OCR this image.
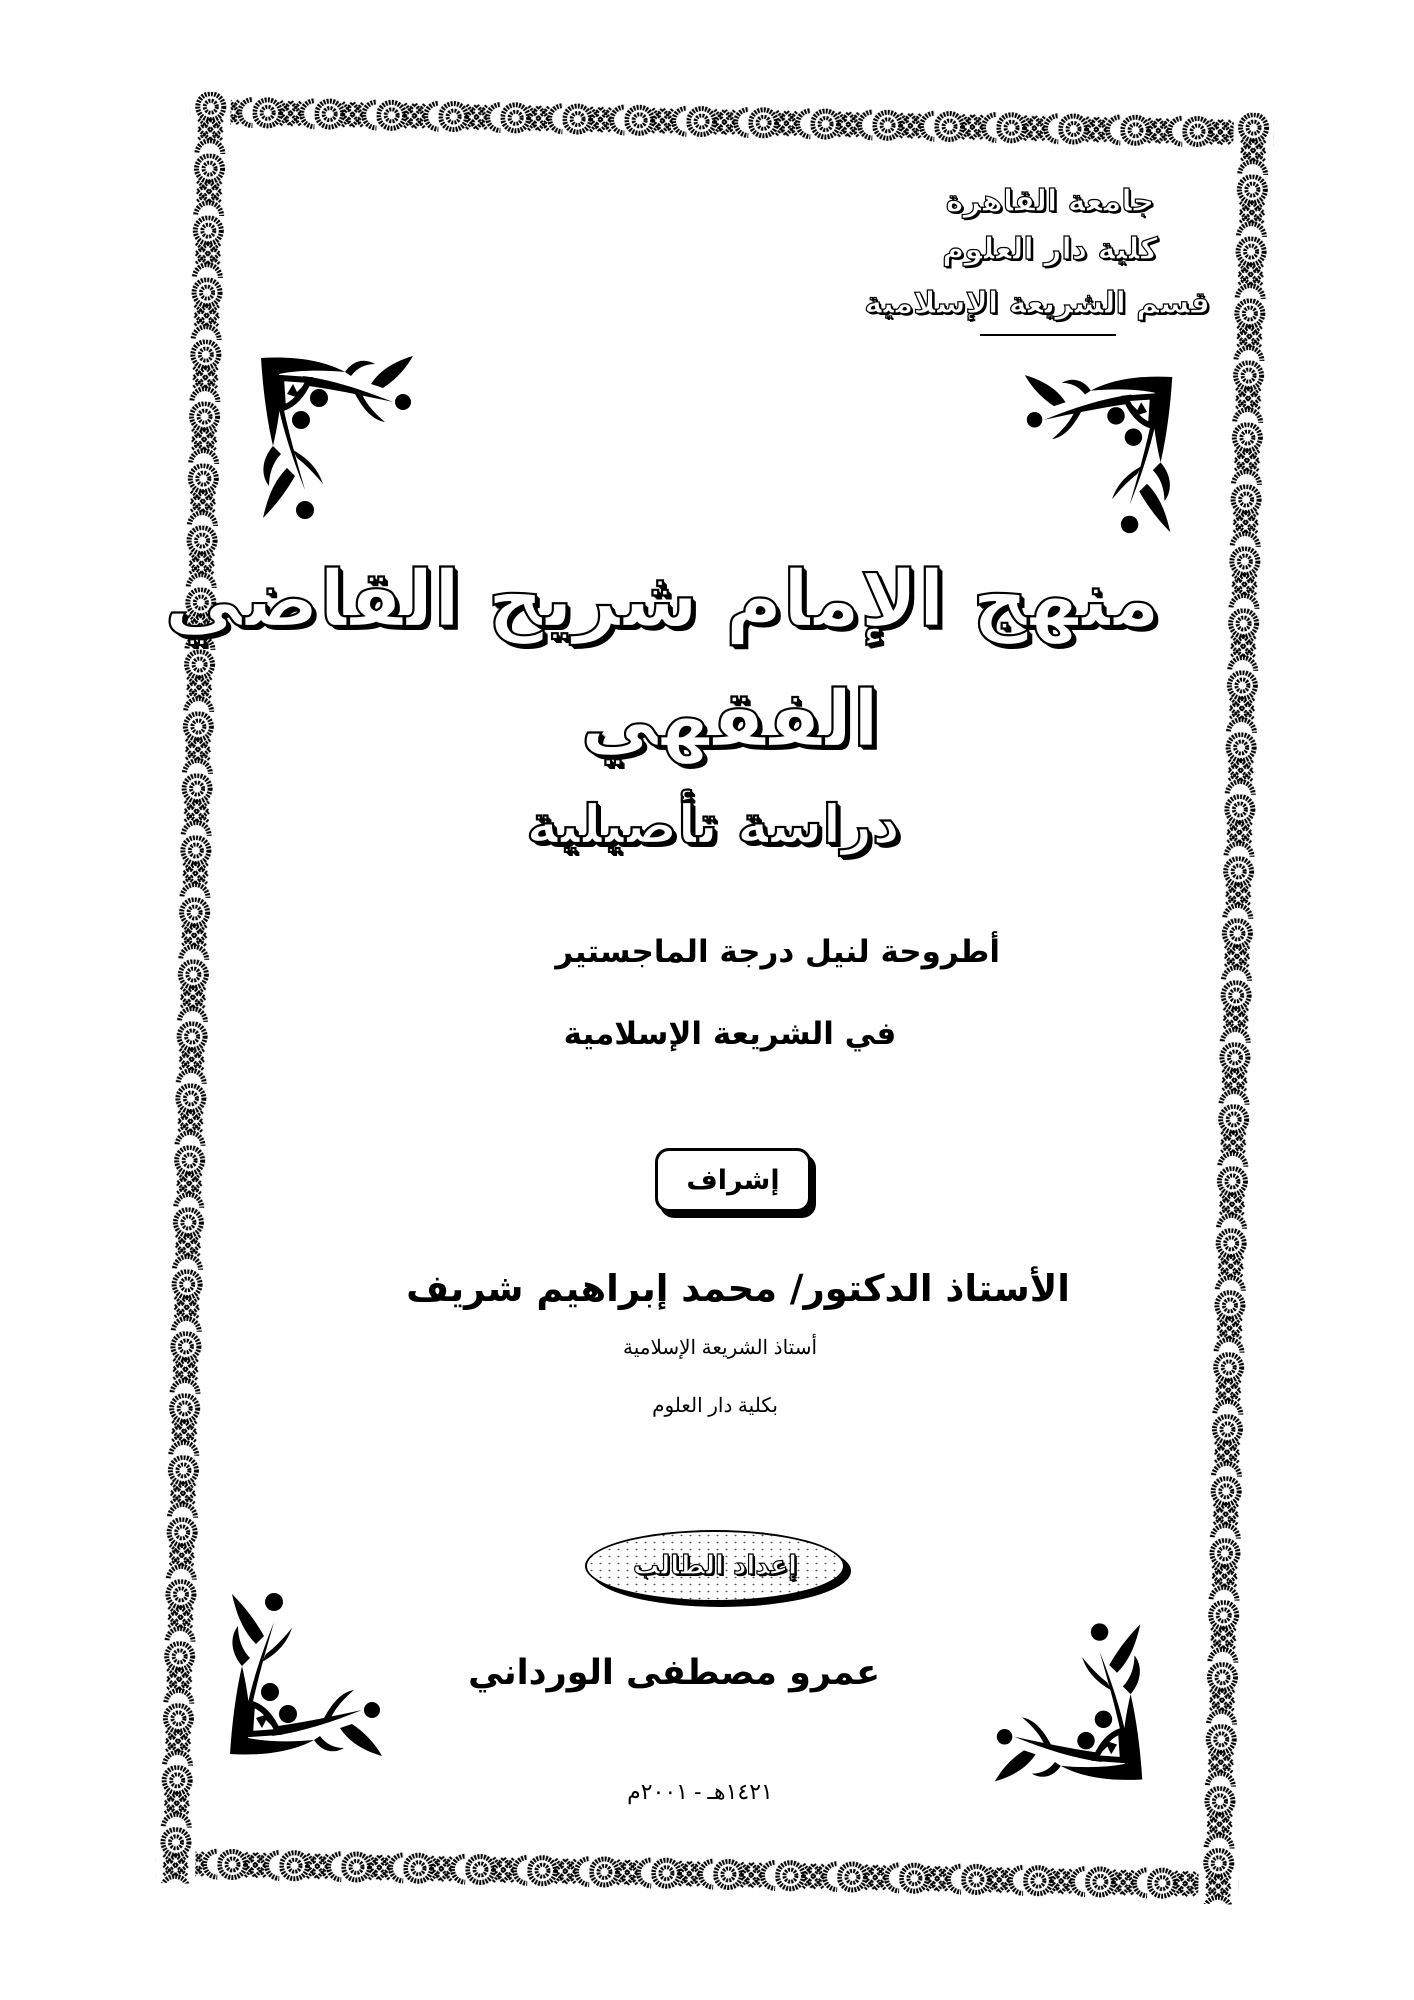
جامعة القاهرة
كلية دار العلوم
قسم الشريعة الإسلامية
منهج الإمام شريح القاضي
الفقهي
دراسة تأصيلية
أطروحة لنيل درجة الماجستير
في الشريعة الإسلامية
إشراف
الأستاذ الدكتور/ محمد إبراهيم شريف
أستاذ الشريعة الإسلامية
بكلية دار العلوم
إعداد الطالب
عمرو مصطفى الورداني
١٤٢١هـ - ٢٠٠١م
